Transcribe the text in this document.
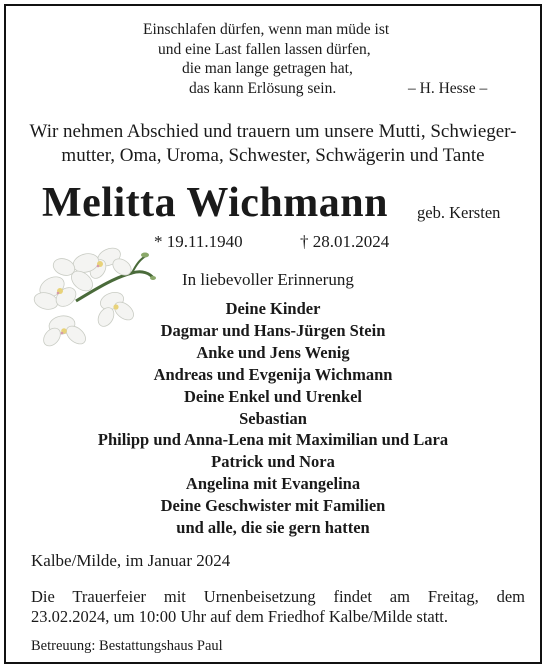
Einschlafen dürfen, wenn man müde ist
und eine Last fallen lassen dürfen,
die man lange getragen hat,
das kann Erlösung sein.	– H. Hesse –
Wir nehmen Abschied und trauern um unsere Mutti, Schwieger-
mutter, Oma, Uroma, Schwester, Schwägerin und Tante
Melitta Wichmann geb. Kersten
* 19.11.1940	† 28.01.2024
In liebevoller Erinnerung
Deine Kinder
Dagmar und Hans-Jürgen Stein
Anke und Jens Wenig
Andreas und Evgenija Wichmann
Deine Enkel und Urenkel
Sebastian
Philipp und Anna-Lena mit Maximilian und Lara
Patrick und Nora
Angelina mit Evangelina
Deine Geschwister mit Familien
und alle, die sie gern hatten
Kalbe/Milde, im Januar 2024
Die Trauerfeier mit Urnenbeisetzung findet am Freitag, dem
23.02.2024, um 10:00 Uhr auf dem Friedhof Kalbe/Milde statt.
Betreuung: Bestattungshaus Paul
